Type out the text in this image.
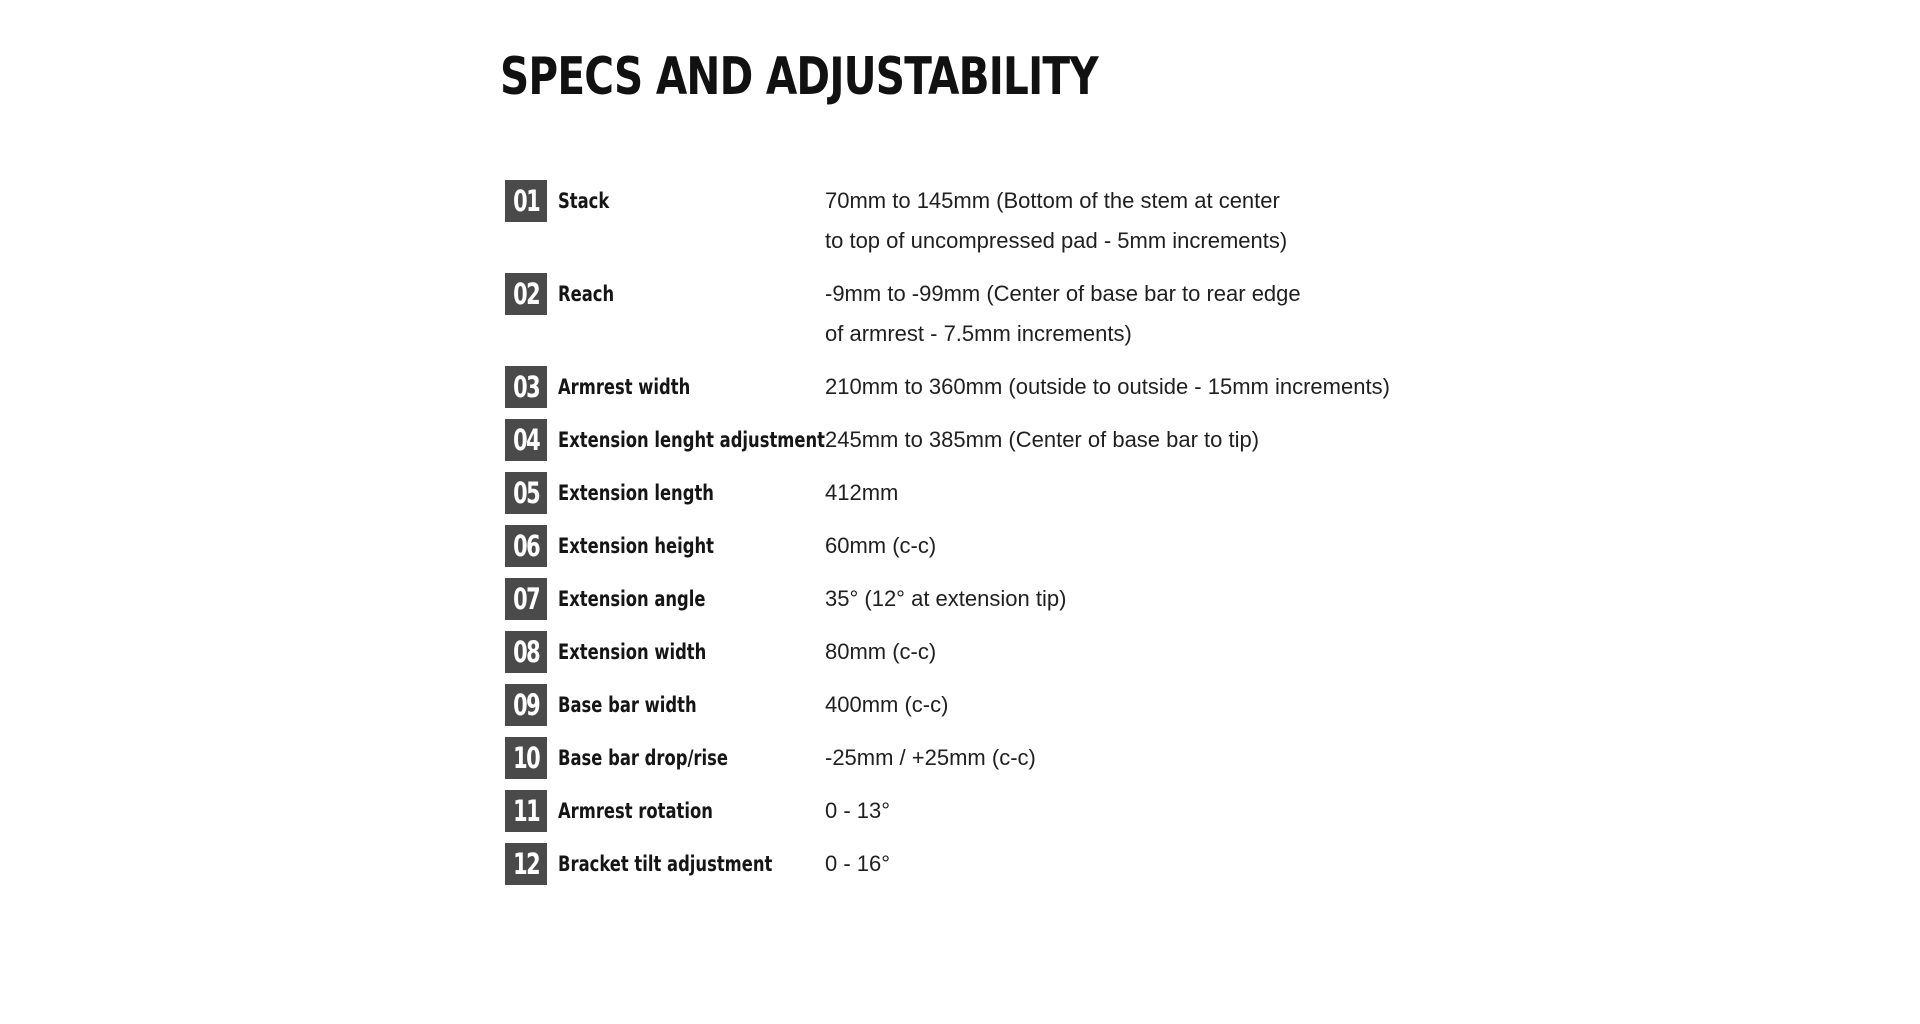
SPECS AND ADJUSTABILITY
01 Stack	70mm to 145mm (Bottom of the stem at center
to top of uncompressed pad - 5mm increments)
02 Reach	-9mm to -99mm (Center of base bar to rear edge
of armrest - 7.5mm increments)
03 Armrest width	210mm to 360mm (outside to outside - 15mm increments)
04 Extension lenght adjustment 245mm to 385mm (Center of base bar to tip)
05 Extension length	412mm
06 Extension height	60mm (c-c)
07 Extension angle	35° (12° at extension tip)
08 Extension width	80mm (c-c)
09 Base bar width	400mm (c-c)
10 Base bar drop/rise	-25mm / +25mm (c-c)
11 Armrest rotation	0 - 13°
12 Bracket tilt adjustment	0 - 16°
